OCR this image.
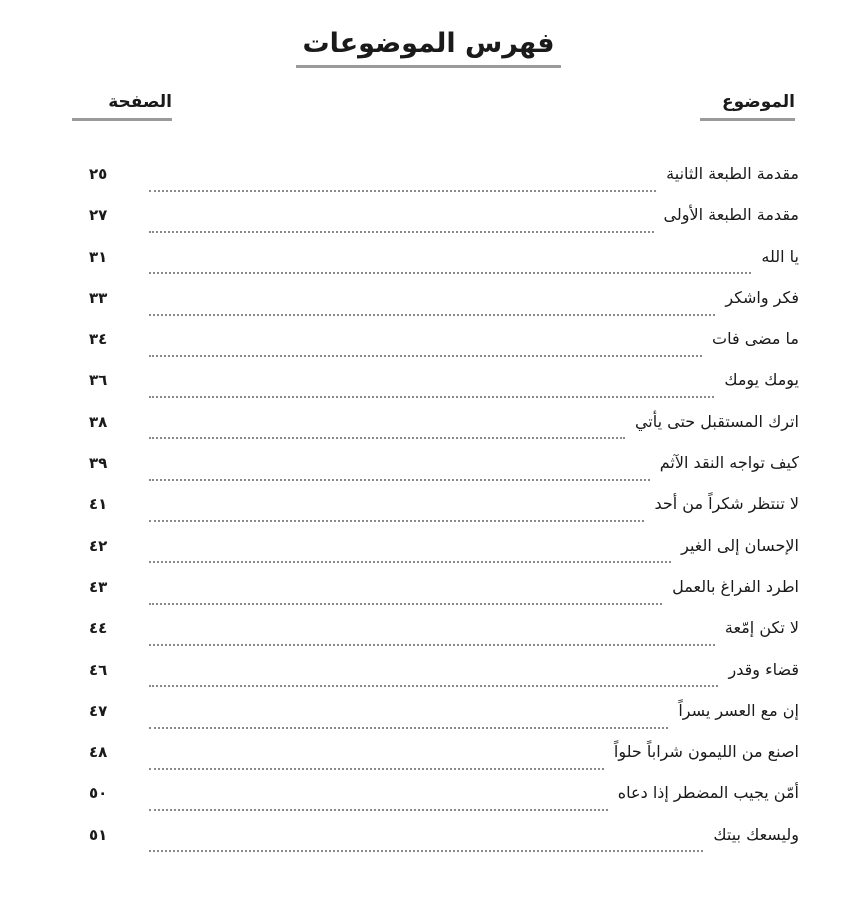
فهرس الموضوعات
الموضوع
الصفحة
مقدمة الطبعة الثانية
٢٥
مقدمة الطبعة الأولى
٢٧
يا الله
٣١
فكر واشكر
٣٣
ما مضى فات
٣٤
يومك يومك
٣٦
اترك المستقبل حتى يأتي
٣٨
كيف تواجه النقد الآثم
٣٩
لا تنتظر شكراً من أحد
٤١
الإحسان إلى الغير
٤٢
اطرد الفراغ بالعمل
٤٣
لا تكن إمّعة
٤٤
قضاء وقدر
٤٦
إن مع العسر يسراً
٤٧
اصنع من الليمون شراباً حلواً
٤٨
أمّن يجيب المضطر إذا دعاه
٥٠
وليسعك بيتك
٥١
